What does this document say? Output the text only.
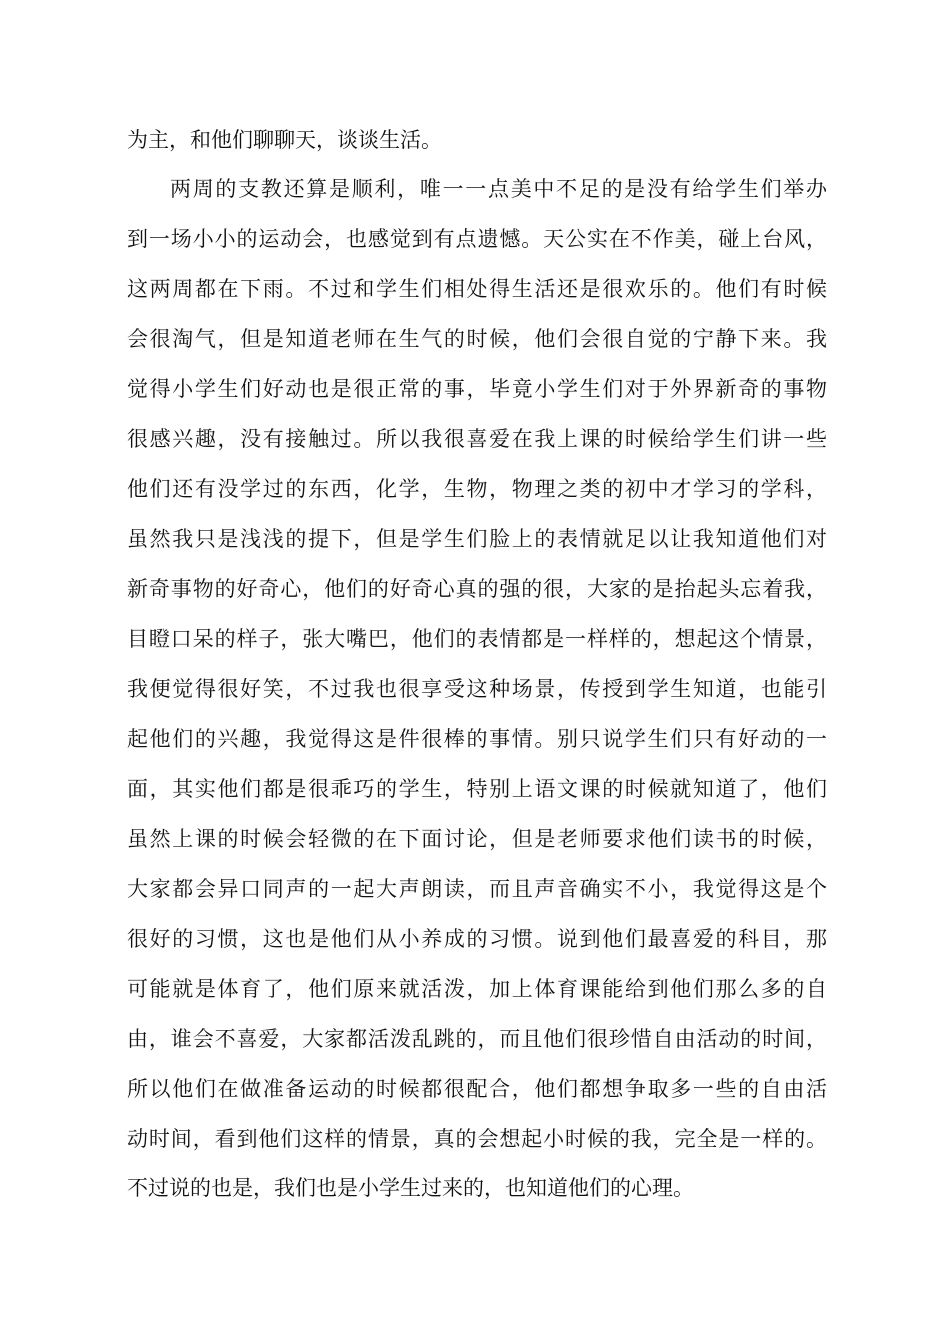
为主，和他们聊聊天，谈谈生活。
两周的支教还算是顺利，唯一一点美中不足的是没有给学生们举办
到一场小小的运动会，也感觉到有点遗憾。天公实在不作美，碰上台风，
这两周都在下雨。不过和学生们相处得生活还是很欢乐的。他们有时候
会很淘气，但是知道老师在生气的时候，他们会很自觉的宁静下来。我
觉得小学生们好动也是很正常的事，毕竟小学生们对于外界新奇的事物
很感兴趣，没有接触过。所以我很喜爱在我上课的时候给学生们讲一些
他们还有没学过的东西，化学，生物，物理之类的初中才学习的学科，
虽然我只是浅浅的提下，但是学生们脸上的表情就足以让我知道他们对
新奇事物的好奇心，他们的好奇心真的强的很，大家的是抬起头忘着我，
目瞪口呆的样子，张大嘴巴，他们的表情都是一样样的，想起这个情景，
我便觉得很好笑，不过我也很享受这种场景，传授到学生知道，也能引
起他们的兴趣，我觉得这是件很棒的事情。别只说学生们只有好动的一
面，其实他们都是很乖巧的学生，特别上语文课的时候就知道了，他们
虽然上课的时候会轻微的在下面讨论，但是老师要求他们读书的时候，
大家都会异口同声的一起大声朗读，而且声音确实不小，我觉得这是个
很好的习惯，这也是他们从小养成的习惯。说到他们最喜爱的科目，那
可能就是体育了，他们原来就活泼，加上体育课能给到他们那么多的自
由，谁会不喜爱，大家都活泼乱跳的，而且他们很珍惜自由活动的时间，
所以他们在做准备运动的时候都很配合，他们都想争取多一些的自由活
动时间，看到他们这样的情景，真的会想起小时候的我，完全是一样的。
不过说的也是，我们也是小学生过来的，也知道他们的心理。
